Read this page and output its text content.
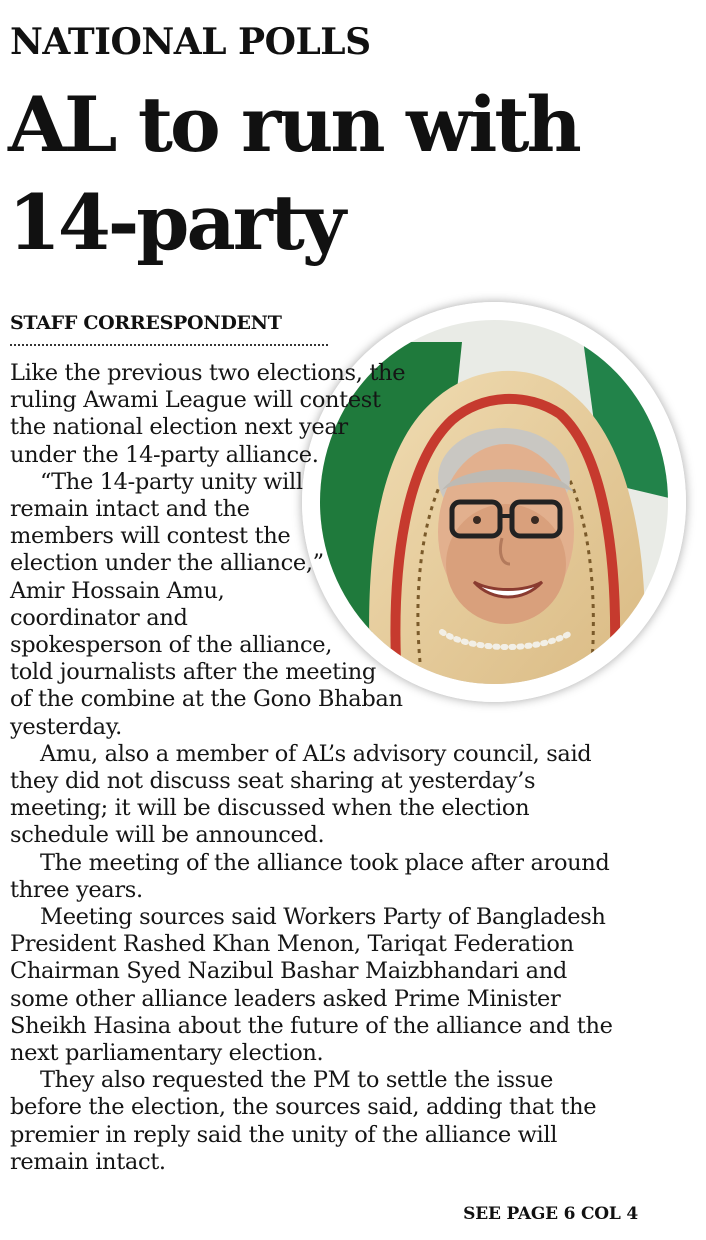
NATIONAL POLLS
AL to run with
14-party
STAFF CORRESPONDENT

Like the previous two elections, the ruling Awami League will contest the national election next year under the 14-party alliance.

“The 14-party unity will remain intact and the members will contest the election under the alliance,” Amir Hossain Amu, coordinator and spokesperson of the alliance, told journalists after the meeting of the combine at the Gono Bhaban yesterday.

Amu, also a member of AL’s advisory council, said they did not discuss seat sharing at yesterday’s meeting; it will be discussed when the election schedule will be announced.

The meeting of the alliance took place after around three years.

Meeting sources said Workers Party of Bangladesh President Rashed Khan Menon, Tariqat Federation Chairman Syed Nazibul Bashar Maizbhandari and some other alliance leaders asked Prime Minister Sheikh Hasina about the future of the alliance and the next parliamentary election.

They also requested the PM to settle the issue before the election, the sources said, adding that the premier in reply said the unity of the alliance will remain intact.

SEE PAGE 6 COL 4
